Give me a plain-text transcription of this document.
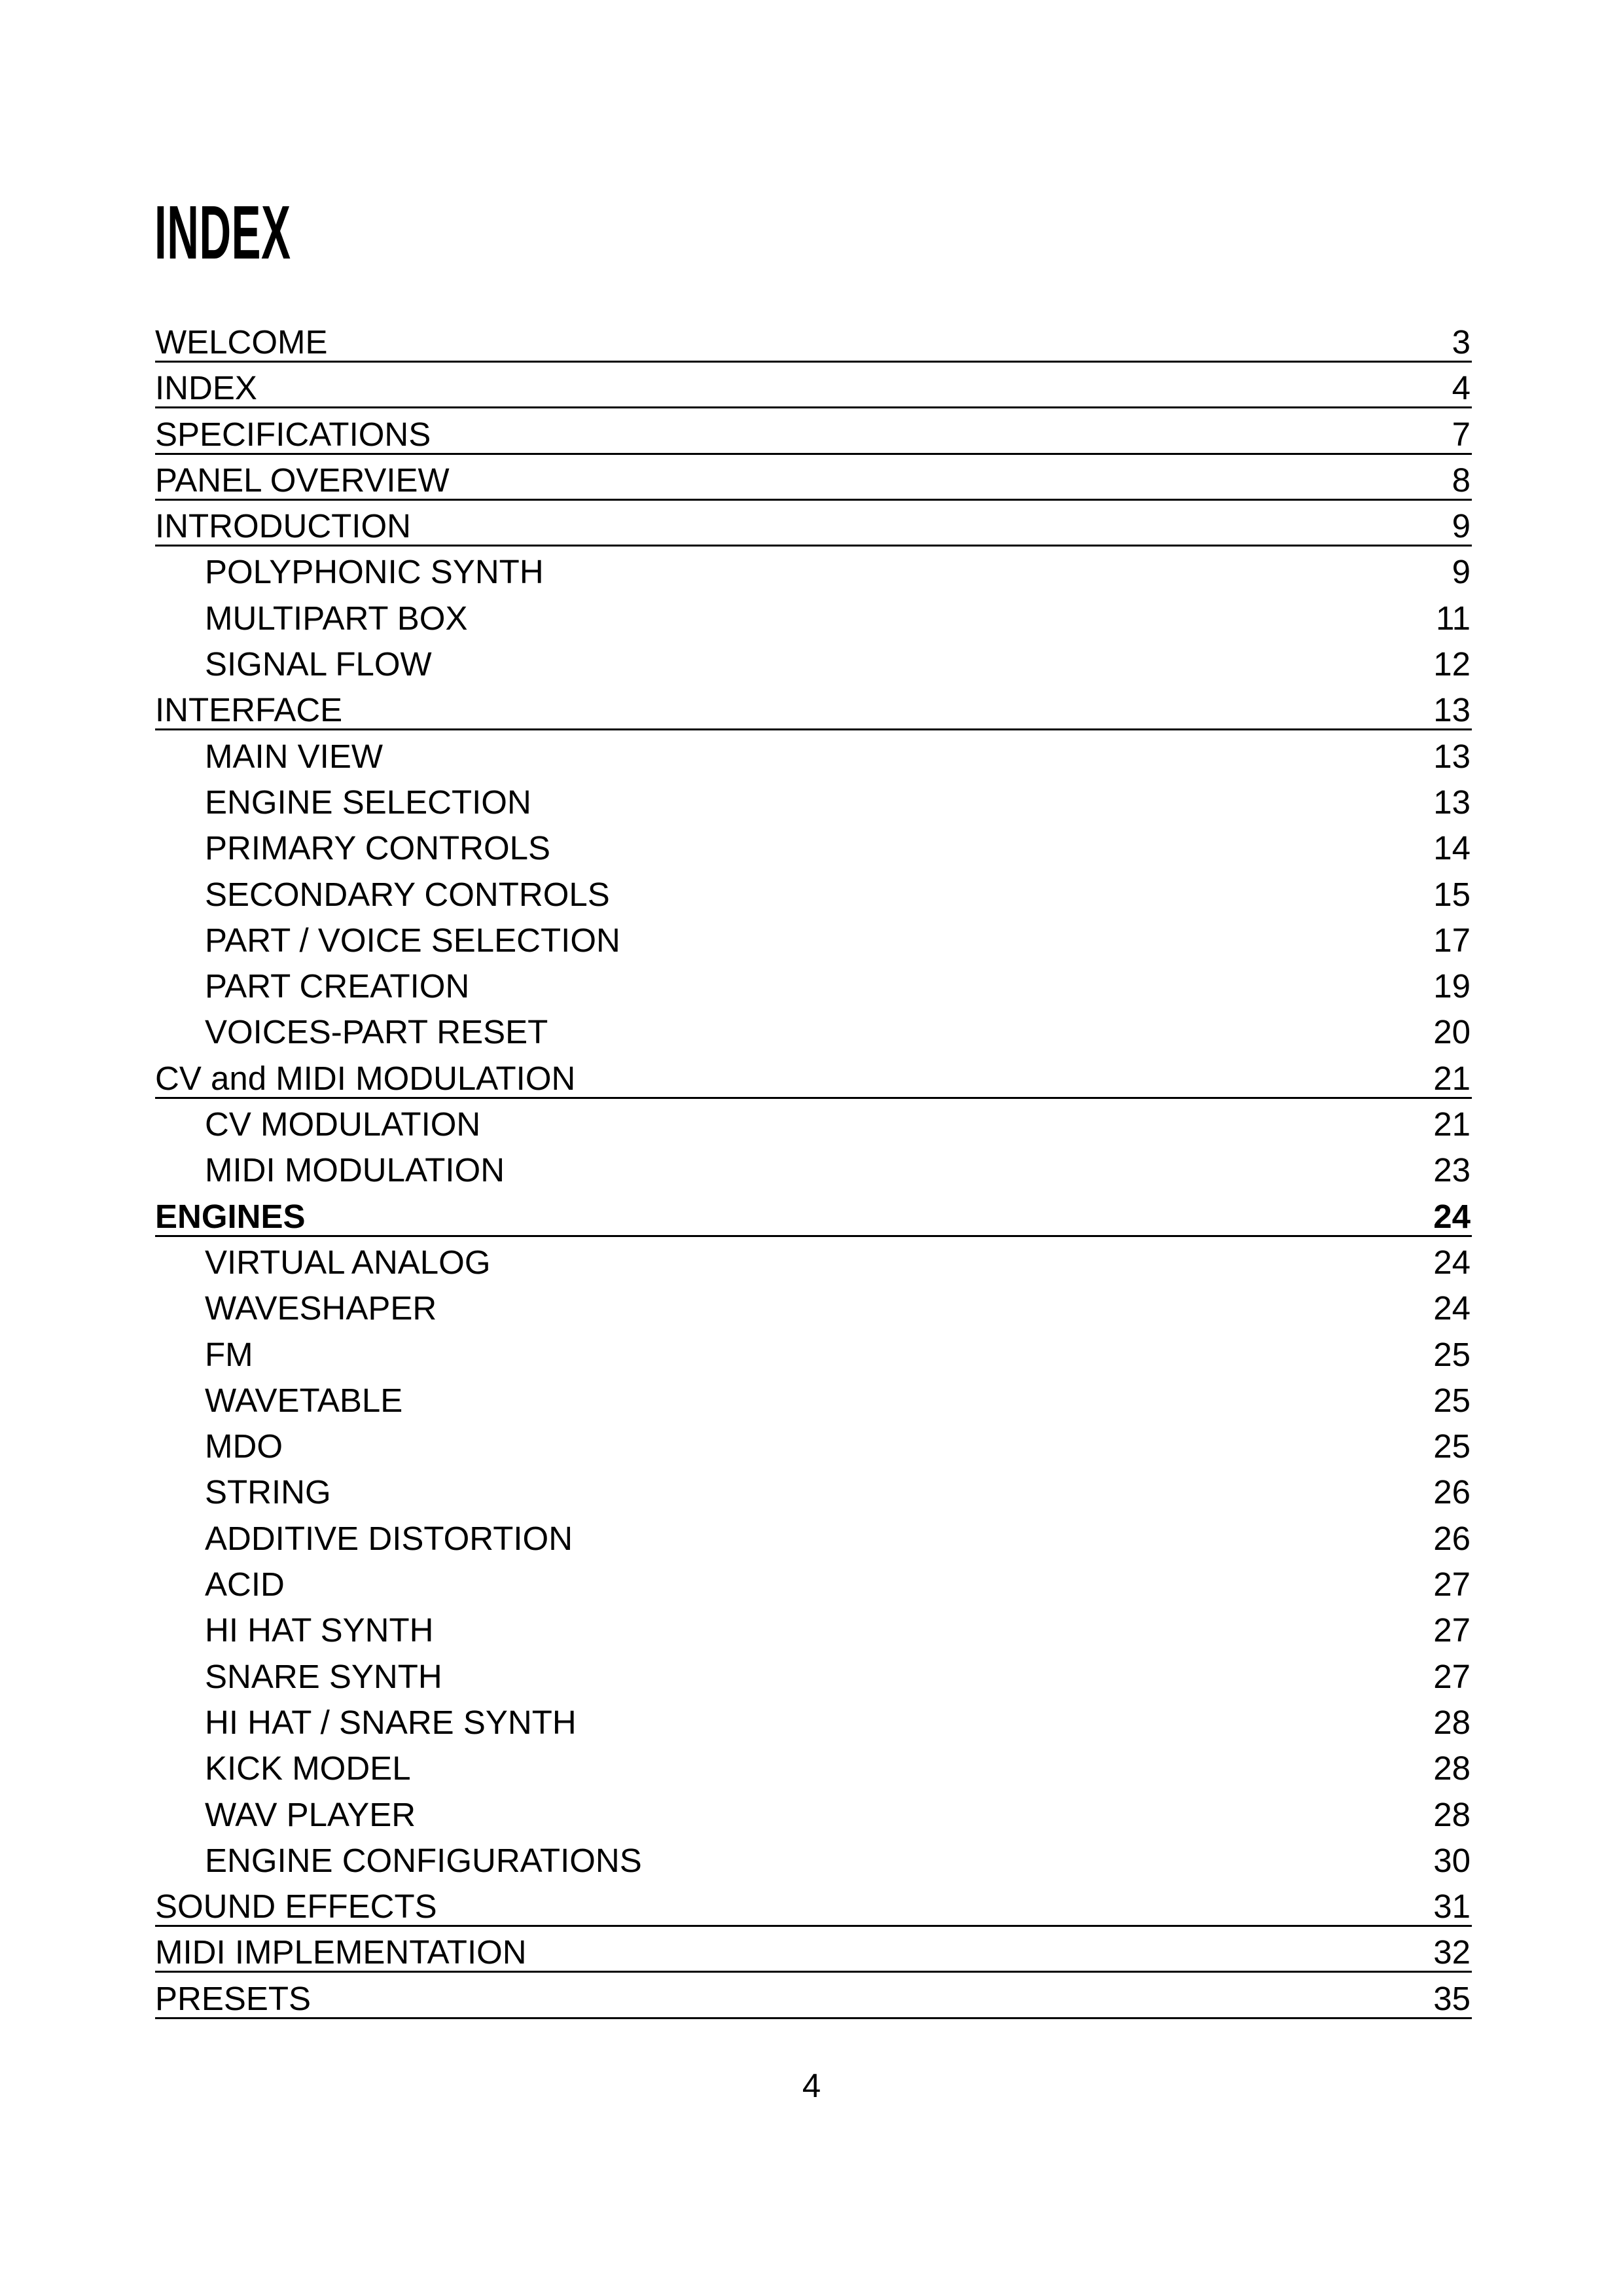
INDEX
WELCOME	3
INDEX	4
SPECIFICATIONS	7
PANEL OVERVIEW	8
INTRODUCTION	9
POLYPHONIC SYNTH	9
MULTIPART BOX	11
SIGNAL FLOW	12
INTERFACE	13
MAIN VIEW	13
ENGINE SELECTION	13
PRIMARY CONTROLS	14
SECONDARY CONTROLS	15
PART / VOICE SELECTION	17
PART CREATION	19
VOICES-PART RESET	20
CV and MIDI MODULATION	21
CV MODULATION	21
MIDI MODULATION	23
ENGINES	24
VIRTUAL ANALOG	24
WAVESHAPER	24
FM	25
WAVETABLE	25
MDO	25
STRING	26
ADDITIVE DISTORTION	26
ACID	27
HI HAT SYNTH	27
SNARE SYNTH	27
HI HAT / SNARE SYNTH	28
KICK MODEL	28
WAV PLAYER	28
ENGINE CONFIGURATIONS	30
SOUND EFFECTS	31
MIDI IMPLEMENTATION	32
PRESETS	35
4
